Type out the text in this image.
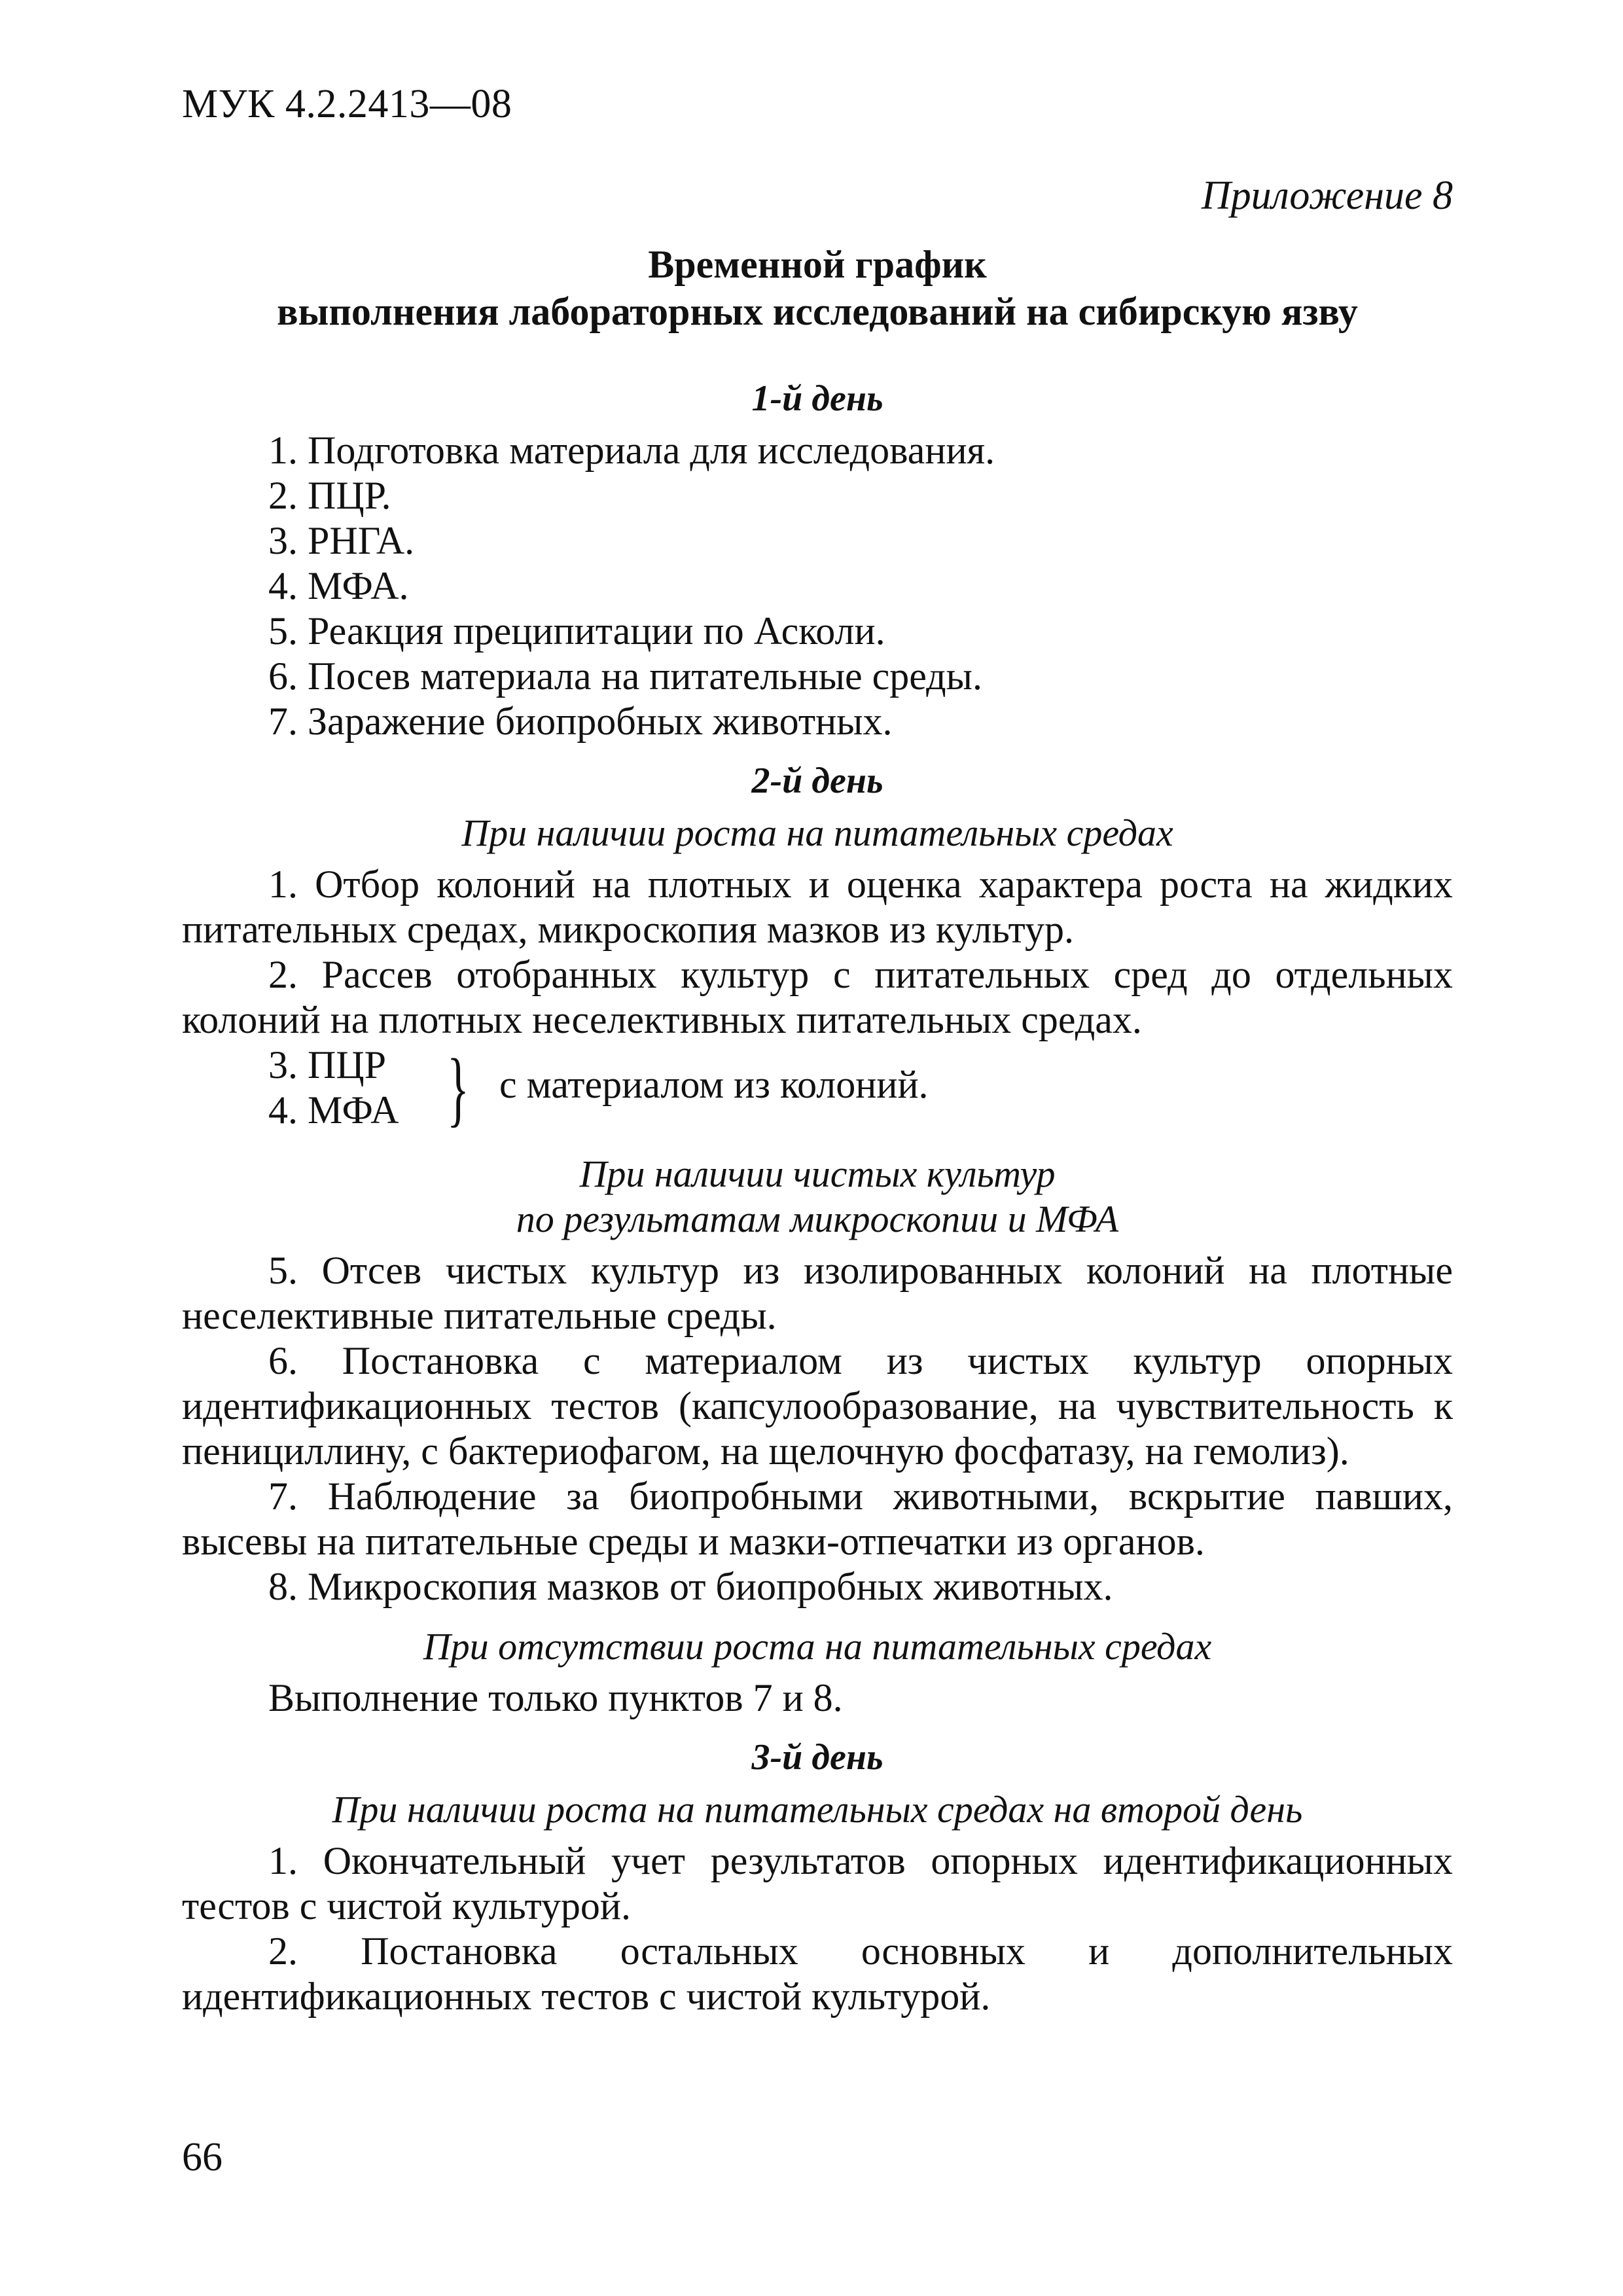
МУК 4.2.2413—08
Приложение 8
Временной график
выполнения лабораторных исследований на сибирскую язву
1-й день
1. Подготовка материала для исследования.
2. ПЦР.
3. РНГА.
4. МФА.
5. Реакция преципитации по Асколи.
6. Посев материала на питательные среды.
7. Заражение биопробных животных.
2-й день
При наличии роста на питательных средах

1. Отбор колоний на плотных и оценка характера роста на жидких питательных средах, микроскопия мазков из культур.

2. Рассев отобранных культур с питательных сред до отдельных колоний на плотных неселективных питательных средах.

3. ПЦР
4. МФА } с материалом из колоний.
При наличии чистых культур
по результатам микроскопии и МФА

5. Отсев чистых культур из изолированных колоний на плотные неселективные питательные среды.

6. Постановка с материалом из чистых культур опорных идентификационных тестов (капсулообразование, на чувствительность к пенициллину, с бактериофагом, на щелочную фосфатазу, на гемолиз).

7. Наблюдение за биопробными животными, вскрытие павших, высевы на питательные среды и мазки-отпечатки из органов.

8. Микроскопия мазков от биопробных животных.

При отсутствии роста на питательных средах
Выполнение только пунктов 7 и 8.
3-й день
При наличии роста на питательных средах на второй день

1. Окончательный учет результатов опорных идентификационных тестов с чистой культурой.

2. Постановка остальных основных и дополнительных идентификационных тестов с чистой культурой.

66
